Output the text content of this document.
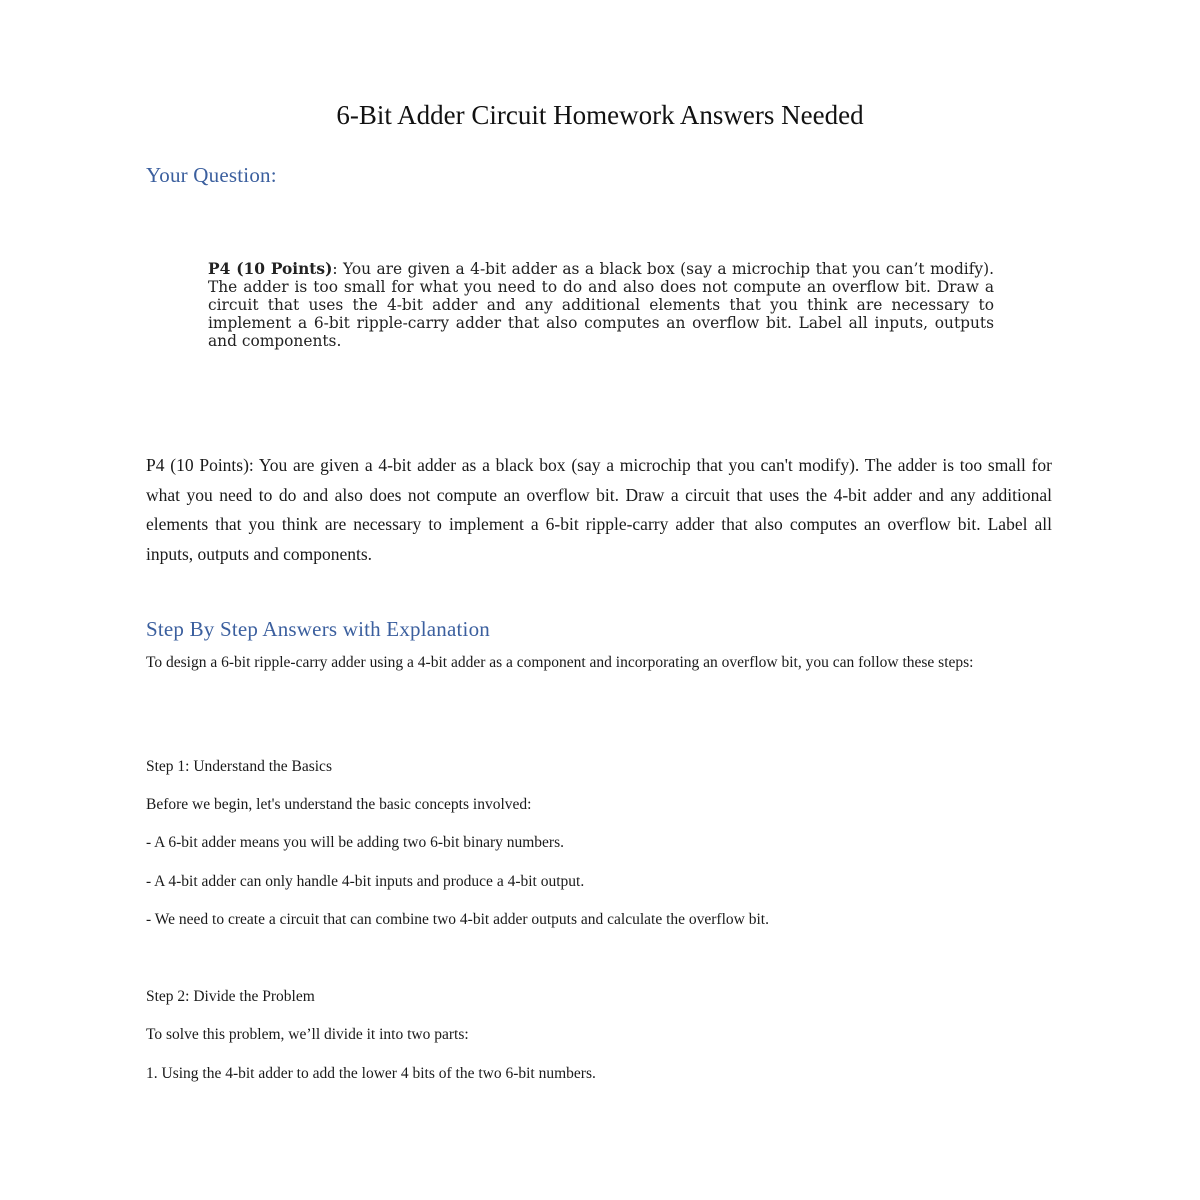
6-Bit Adder Circuit Homework Answers Needed
Your Question:
P4 (10 Points): You are given a 4-bit adder as a black box (say a microchip that you can’t modify). The adder is too small for what you need to do and also does not compute an overflow bit. Draw a circuit that uses the 4-bit adder and any additional elements that you think are necessary to implement a 6-bit ripple-carry adder that also computes an overflow bit. Label all inputs, outputs and components.

P4 (10 Points): You are given a 4-bit adder as a black box (say a microchip that you can't modify). The adder is too small for what you need to do and also does not compute an overflow bit. Draw a circuit that uses the 4-bit adder and any additional elements that you think are necessary to implement a 6-bit ripple-carry adder that also computes an overflow bit. Label all inputs, outputs and components.

Step By Step Answers with Explanation

To design a 6-bit ripple-carry adder using a 4-bit adder as a component and incorporating an overflow bit, you can follow these steps:

Step 1: Understand the Basics

Before we begin, let's understand the basic concepts involved:

- A 6-bit adder means you will be adding two 6-bit binary numbers.

- A 4-bit adder can only handle 4-bit inputs and produce a 4-bit output.

- We need to create a circuit that can combine two 4-bit adder outputs and calculate the overflow bit.

Step 2: Divide the Problem

To solve this problem, we’ll divide it into two parts:

1. Using the 4-bit adder to add the lower 4 bits of the two 6-bit numbers.
